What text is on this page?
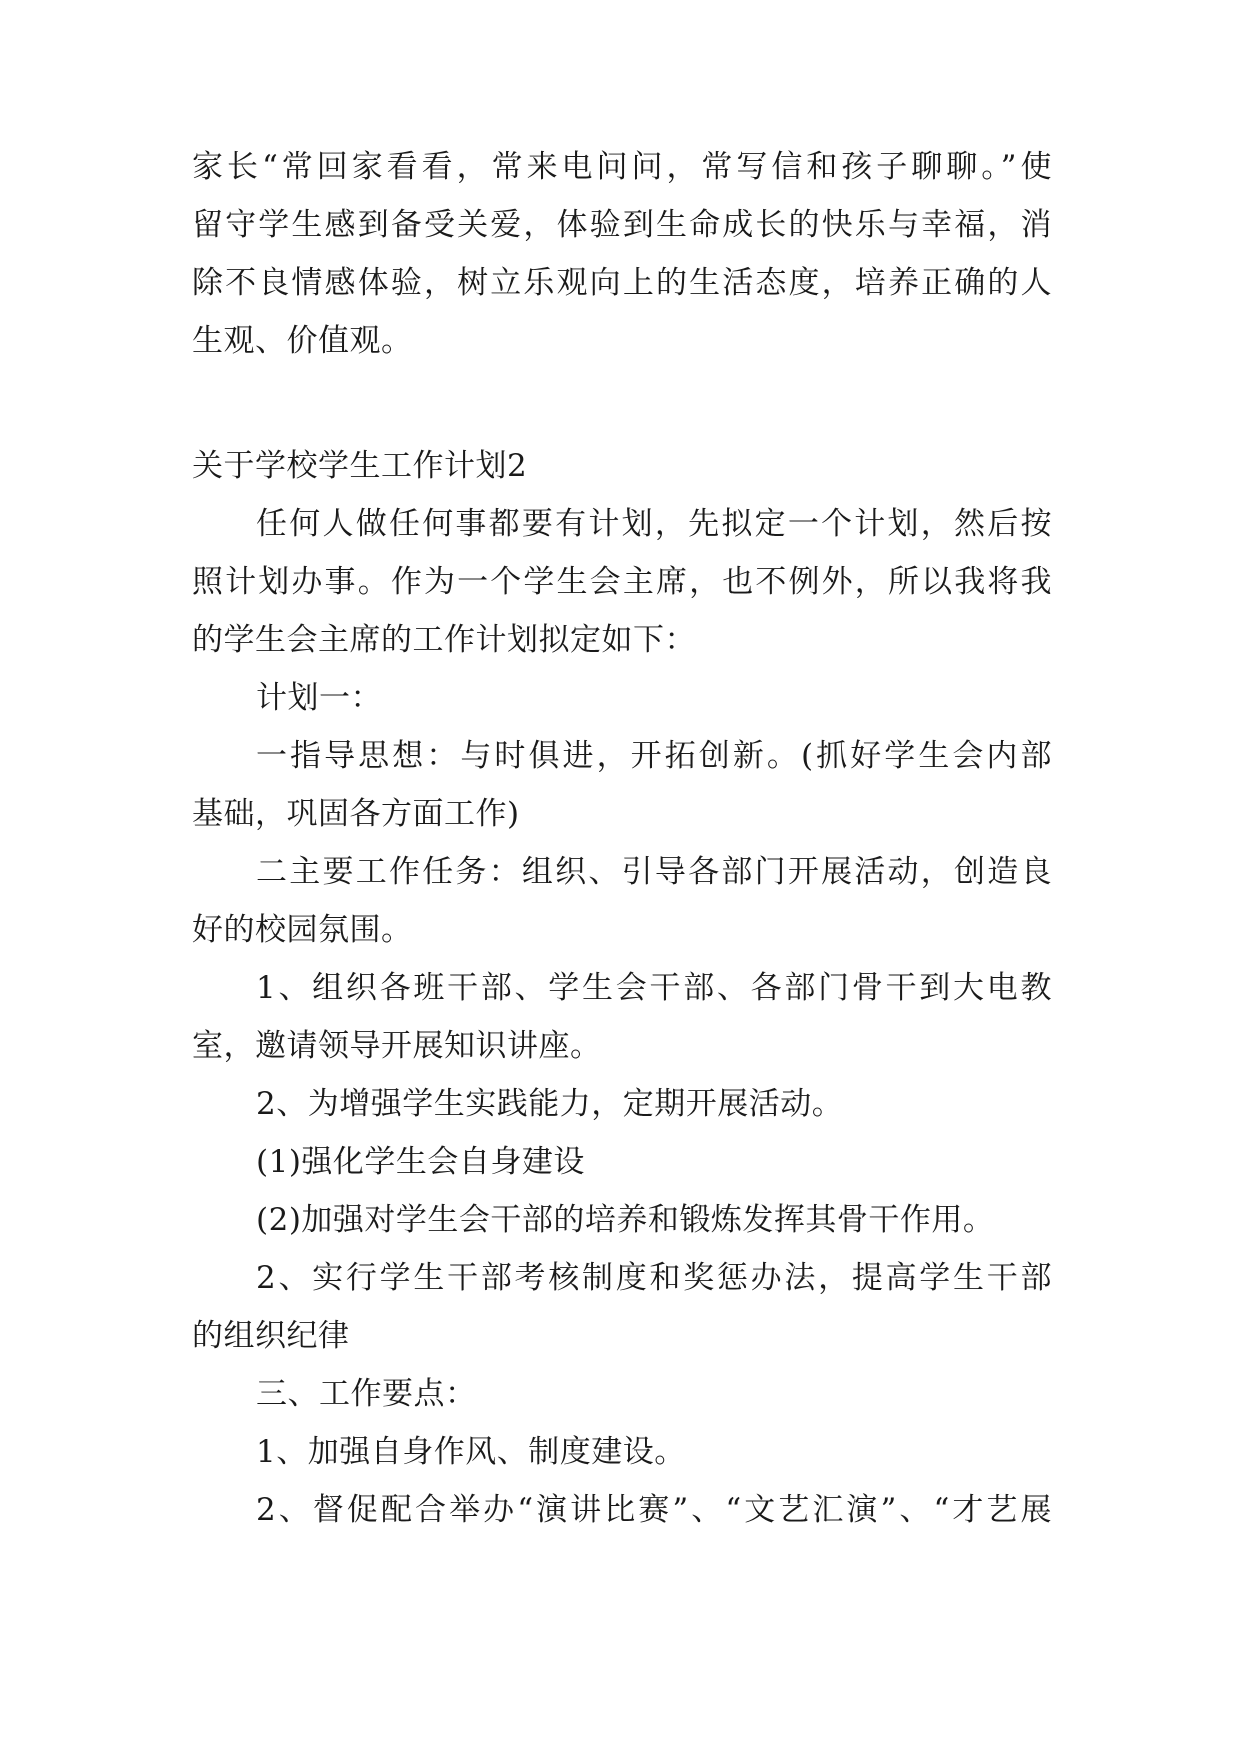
家长“常回家看看，常来电问问，常写信和孩子聊聊。”使
留守学生感到备受关爱，体验到生命成长的快乐与幸福，消
除不良情感体验，树立乐观向上的生活态度，培养正确的人
生观、价值观。
关于学校学生工作计划2
任何人做任何事都要有计划，先拟定一个计划，然后按
照计划办事。作为一个学生会主席，也不例外，所以我将我
的学生会主席的工作计划拟定如下：
计划一：
一指导思想：与时俱进，开拓创新。(抓好学生会内部
基础，巩固各方面工作)
二主要工作任务：组织、引导各部门开展活动，创造良
好的校园氛围。
1、组织各班干部、学生会干部、各部门骨干到大电教
室，邀请领导开展知识讲座。
2、为增强学生实践能力，定期开展活动。
(1)强化学生会自身建设
(2)加强对学生会干部的培养和锻炼发挥其骨干作用。
2、实行学生干部考核制度和奖惩办法，提高学生干部
的组织纪律
三、工作要点：
1、加强自身作风、制度建设。
2、督促配合举办“演讲比赛”、“文艺汇演”、“才艺展
